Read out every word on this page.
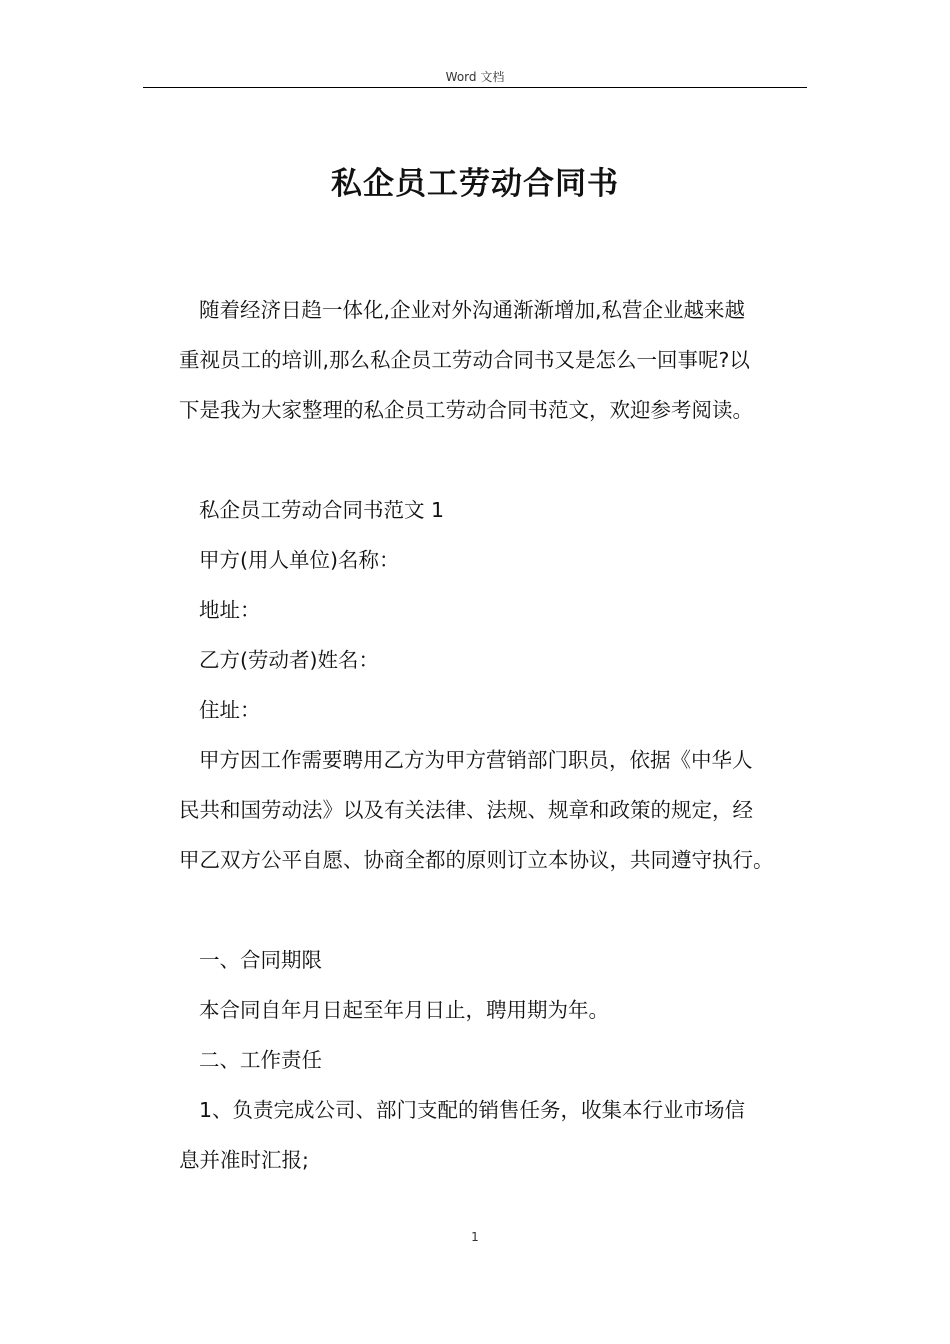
Word 文档
私企员工劳动合同书

随着经济日趋一体化,企业对外沟通渐渐增加,私营企业越来越
重视员工的培训,那么私企员工劳动合同书又是怎么一回事呢?以
下是我为大家整理的私企员工劳动合同书范文，欢迎参考阅读。

私企员工劳动合同书范文 1

甲方(用人单位)名称：

地址：

乙方(劳动者)姓名：

住址：

甲方因工作需要聘用乙方为甲方营销部门职员，依据《中华人
民共和国劳动法》以及有关法律、法规、规章和政策的规定，经
甲乙双方公平自愿、协商全都的原则订立本协议，共同遵守执行。

一、合同期限

本合同自年月日起至年月日止，聘用期为年。

二、工作责任

1、负责完成公司、部门支配的销售任务，收集本行业市场信
息并准时汇报;

1
